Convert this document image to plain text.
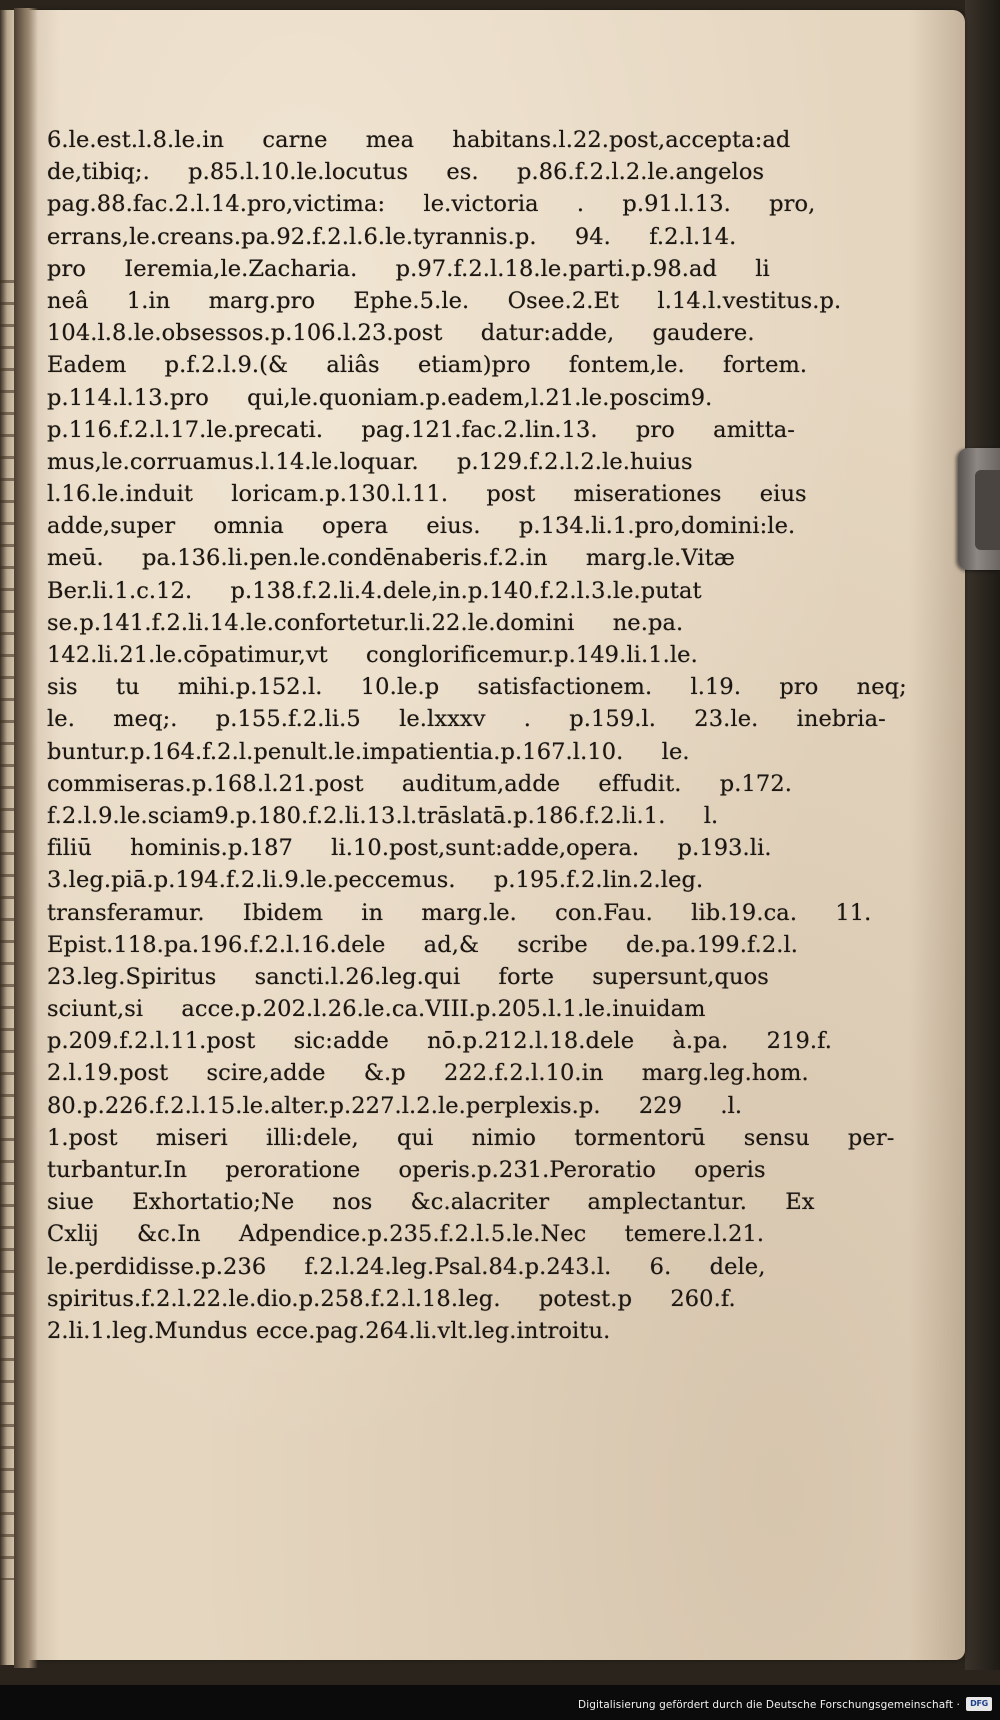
6.le.est.l.8.le.in carne mea habitans.l.22.post,accepta:ad
de,tibiq;. p.85.l.10.le.locutus es. p.86.f.2.l.2.le.angelos
pag.88.fac.2.l.14.pro,victima: le.victoria . p.91.l.13. pro,
errans,le.creans.pa.92.f.2.l.6.le.tyrannis.p. 94. f.2.l.14.
pro Ieremia,le.Zacharia. p.97.f.2.l.18.le.parti.p.98.ad li
neâ 1.in marg.pro Ephe.5.le. Osee.2.Et l.14.l.vestitus.p.
104.l.8.le.obsessos.p.106.l.23.post datur:adde, gaudere.
Eadem p.f.2.l.9.(& aliâs etiam)pro fontem,le. fortem.
p.114.l.13.pro qui,le.quoniam.p.eadem,l.21.le.poscim9.
p.116.f.2.l.17.le.precati. pag.121.fac.2.lin.13. pro amitta-
mus,le.corruamus.l.14.le.loquar. p.129.f.2.l.2.le.huius
l.16.le.induit loricam.p.130.l.11. post miserationes eius
adde,super omnia opera eius. p.134.li.1.pro,domini:le.
meū. pa.136.li.pen.le.condēnaberis.f.2.in marg.le.Vitæ
Ber.li.1.c.12. p.138.f.2.li.4.dele,in.p.140.f.2.l.3.le.putat
se.p.141.f.2.li.14.le.confortetur.li.22.le.domini ne.pa.
142.li.21.le.cōpatimur,vt conglorificemur.p.149.li.1.le.
sis tu mihi.p.152.l. 10.le.p satisfactionem. l.19. pro neq;
le. meq;. p.155.f.2.li.5 le.lxxxv . p.159.l. 23.le. inebria-
buntur.p.164.f.2.l.penult.le.impatientia.p.167.l.10. le.
commiseras.p.168.l.21.post auditum,adde effudit. p.172.
f.2.l.9.le.sciam9.p.180.f.2.li.13.l.trāslatā.p.186.f.2.li.1. l.
filiū hominis.p.187 li.10.post,sunt:adde,opera. p.193.li.
3.leg.piā.p.194.f.2.li.9.le.peccemus. p.195.f.2.lin.2.leg.
transferamur. Ibidem in marg.le. con.Fau. lib.19.ca. 11.
Epist.118.pa.196.f.2.l.16.dele ad,& scribe de.pa.199.f.2.l.
23.leg.Spiritus sancti.l.26.leg.qui forte supersunt,quos
sciunt,si acce.p.202.l.26.le.ca.VIII.p.205.l.1.le.inuidam
p.209.f.2.l.11.post sic:adde nō.p.212.l.18.dele à.pa. 219.f.
2.l.19.post scire,adde &.p 222.f.2.l.10.in marg.leg.hom.
80.p.226.f.2.l.15.le.alter.p.227.l.2.le.perplexis.p. 229 .l.
1.post miseri illi:dele, qui nimio tormentorū sensu per-
turbantur.In peroratione operis.p.231.Peroratio operis
siue Exhortatio;Ne nos &c.alacriter amplectantur. Ex
Cxlij &c.In Adpendice.p.235.f.2.l.5.le.Nec temere.l.21.
le.perdidisse.p.236 f.2.l.24.leg.Psal.84.p.243.l. 6. dele,
spiritus.f.2.l.22.le.dio.p.258.f.2.l.18.leg. potest.p 260.f.
2.li.1.leg.Mundus ecce.pag.264.li.vlt.leg.introitu.
Digitalisierung gefördert durch die Deutsche Forschungsgemeinschaft ·	DFG
